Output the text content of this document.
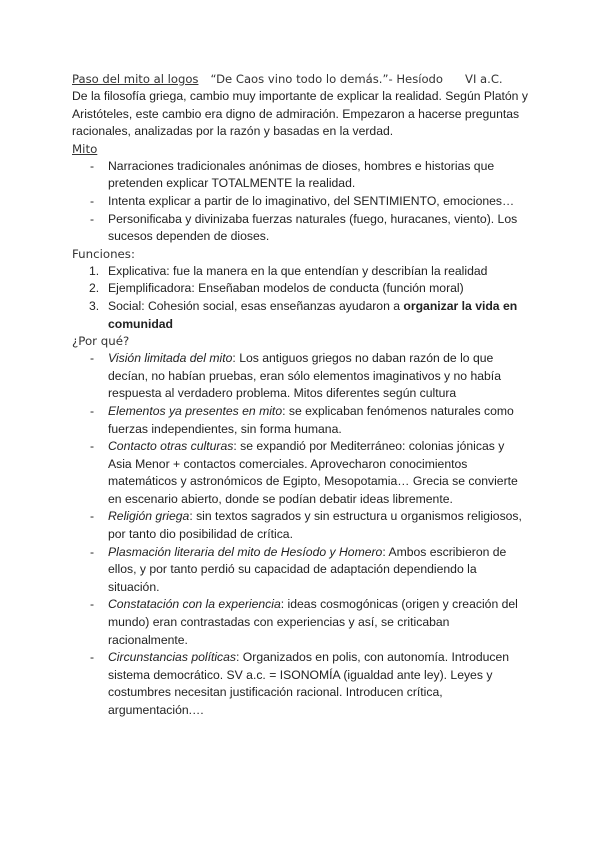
Paso del mito al logos “De Caos vino todo lo demás.”- Hesíodo VI a.C.
De la filosofía griega, cambio muy importante de explicar la realidad. Según Platón y
Aristóteles, este cambio era digno de admiración. Empezaron a hacerse preguntas
racionales, analizadas por la razón y basadas en la verdad.
Mito
- Narraciones tradicionales anónimas de dioses, hombres e historias que
pretenden explicar TOTALMENTE la realidad.
- Intenta explicar a partir de lo imaginativo, del SENTIMIENTO, emociones…
- Personificaba y divinizaba fuerzas naturales (fuego, huracanes, viento). Los
sucesos dependen de dioses.
Funciones:
1. Explicativa: fue la manera en la que entendían y describían la realidad
2. Ejemplificadora: Enseñaban modelos de conducta (función moral)
3. Social: Cohesión social, esas enseñanzas ayudaron a organizar la vida en
comunidad
¿Por qué?
- Visión limitada del mito: Los antiguos griegos no daban razón de lo que
decían, no habían pruebas, eran sólo elementos imaginativos y no había
respuesta al verdadero problema. Mitos diferentes según cultura
- Elementos ya presentes en mito: se explicaban fenómenos naturales como
fuerzas independientes, sin forma humana.
- Contacto otras culturas: se expandió por Mediterráneo: colonias jónicas y
Asia Menor + contactos comerciales. Aprovecharon conocimientos
matemáticos y astronómicos de Egipto, Mesopotamia… Grecia se convierte
en escenario abierto, donde se podían debatir ideas libremente.
- Religión griega: sin textos sagrados y sin estructura u organismos religiosos,
por tanto dio posibilidad de crítica.
- Plasmación literaria del mito de Hesíodo y Homero: Ambos escribieron de
ellos, y por tanto perdió su capacidad de adaptación dependiendo la
situación.
- Constatación con la experiencia: ideas cosmogónicas (origen y creación del
mundo) eran contrastadas con experiencias y así, se criticaban
racionalmente.
- Circunstancias políticas: Organizados en polis, con autonomía. Introducen
sistema democrático. SV a.c. = ISONOMÍA (igualdad ante ley). Leyes y
costumbres necesitan justificación racional. Introducen crítica,
argumentación.…
